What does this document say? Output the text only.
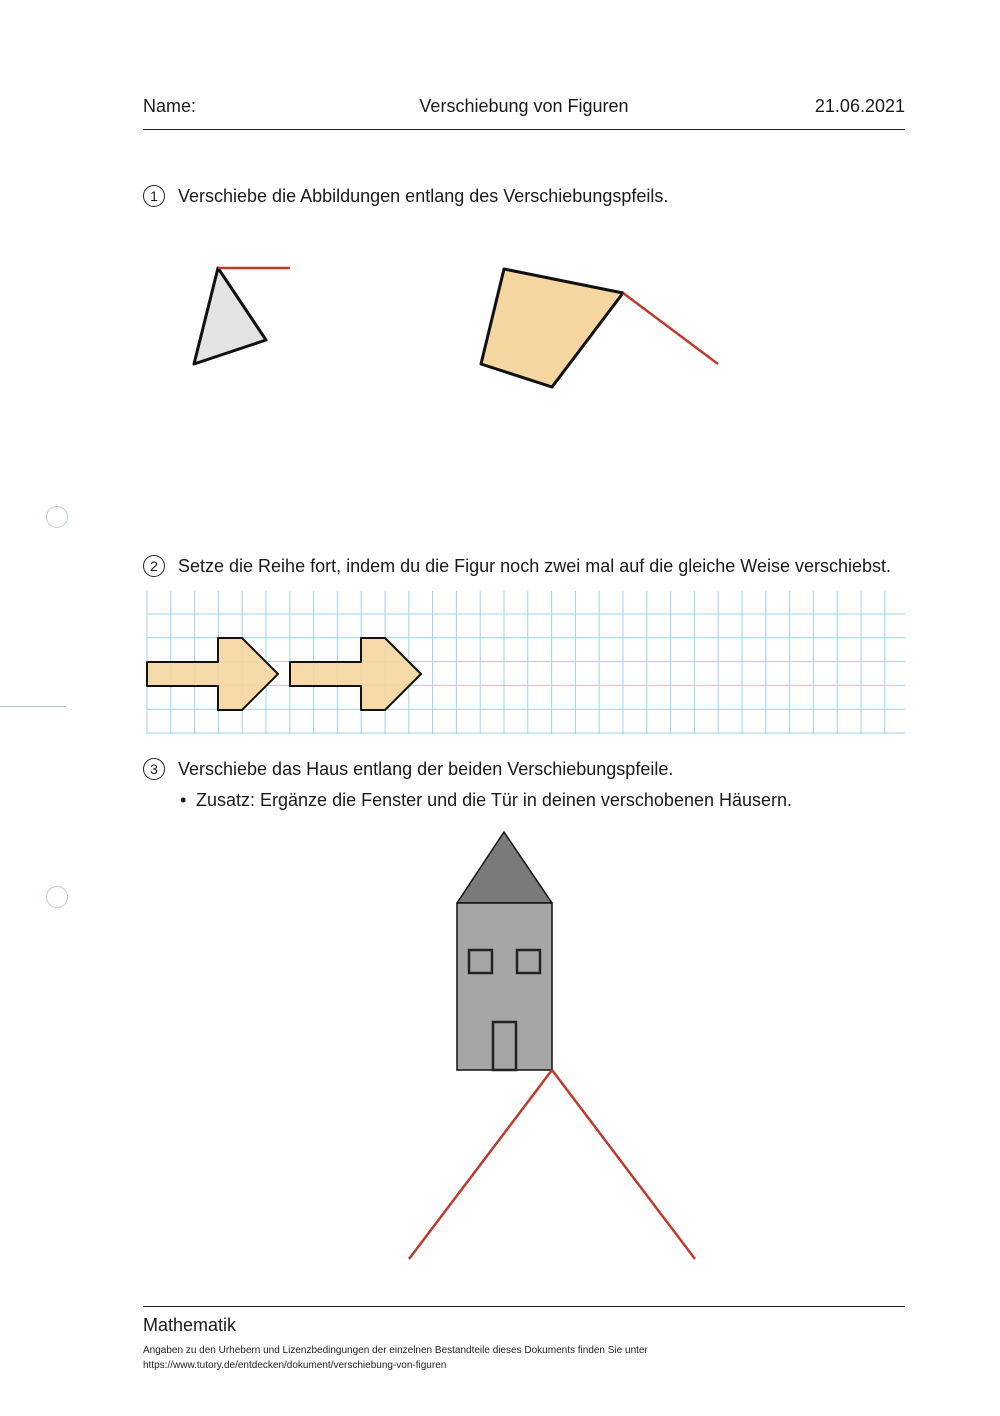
Name:	Verschiebung von Figuren	21.06.2021
1	Verschiebe die Abbildungen entlang des Verschiebungspfeils.
2	Setze die Reihe fort, indem du die Figur noch zwei mal auf die gleiche Weise verschiebst.
3	Verschiebe das Haus entlang der beiden Verschiebungspfeile.
• Zusatz: Ergänze die Fenster und die Tür in deinen verschobenen Häusern.
Mathematik
Angaben zu den Urhebern und Lizenzbedingungen der einzelnen Bestandteile dieses Dokuments finden Sie unter
https://www.tutory.de/entdecken/dokument/verschiebung-von-figuren
